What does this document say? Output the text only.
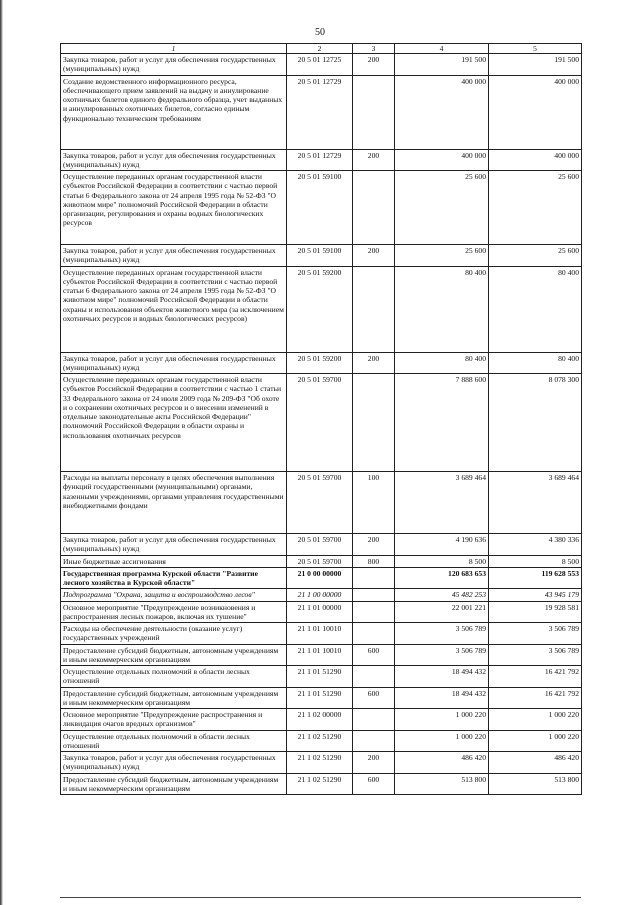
50
1	2	3	4	5
Закупка товаров, работ и услуг для обеспечения государственных (муниципальных) нужд	20 5 01 12725	200	191 500	191 500
Создание ведомственного информационного ресурса, обеспечивающего прием заявлений на выдачу и аннулирование охотничьих билетов единого федерального образца, учет выданных и аннулированных охотничьих билетов, согласно единым функционально техническим требованиям	20 5 01 12729		400 000	400 000
Закупка товаров, работ и услуг для обеспечения государственных (муниципальных) нужд	20 5 01 12729	200	400 000	400 000
Осуществление переданных органам государственной власти субъектов Российской Федерации в соответствии с частью первой статьи 6 Федерального закона от 24 апреля 1995 года № 52-ФЗ "О животном мире" полномочий Российской Федерации в области организации, регулирования и охраны водных биологических ресурсов	20 5 01 59100		25 600	25 600
Закупка товаров, работ и услуг для обеспечения государственных (муниципальных) нужд	20 5 01 59100	200	25 600	25 600
Осуществление переданных органам государственной власти субъектов Российской Федерации в соответствии с частью первой статьи 6 Федерального закона от 24 апреля 1995 года № 52-ФЗ "О животном мире" полномочий Российской Федерации в области охраны и использования объектов животного мира (за исключением охотничьих ресурсов и водных биологических ресурсов)	20 5 01 59200		80 400	80 400
Закупка товаров, работ и услуг для обеспечения государственных (муниципальных) нужд	20 5 01 59200	200	80 400	80 400
Осуществление переданных органам государственной власти субъектов Российской Федерации в соответствии с частью 1 статьи 33 Федерального закона от 24 июля 2009 года № 209-ФЗ "Об охоте и о сохранении охотничьих ресурсов и о внесении изменений в отдельные законодательные акты Российской Федерации" полномочий Российской Федерации в области охраны и использования охотничьих ресурсов	20 5 01 59700		7 888 600	8 078 300
Расходы на выплаты персоналу в целях обеспечения выполнения функций государственными (муниципальными) органами, казенными учреждениями, органами управления государственными внебюджетными фондами	20 5 01 59700	100	3 689 464	3 689 464
Закупка товаров, работ и услуг для обеспечения государственных (муниципальных) нужд	20 5 01 59700	200	4 190 636	4 380 336
Иные бюджетные ассигнования	20 5 01 59700	800	8 500	8 500
Государственная программа Курской области "Развитие лесного хозяйства в Курской области"	21 0 00 00000		120 683 653	119 628 553
Подпрограмма "Охрана, защита и воспроизводство лесов"	21 1 00 00000		45 482 253	43 945 179
Основное мероприятие "Предупреждение возникновения и распространения лесных пожаров, включая их тушение"	21 1 01 00000		22 001 221	19 928 581
Расходы на обеспечение деятельности (оказание услуг) государственных учреждений	21 1 01 10010		3 506 789	3 506 789
Предоставление субсидий бюджетным, автономным учреждениям и иным некоммерческим организациям	21 1 01 10010	600	3 506 789	3 506 789
Осуществление отдельных полномочий в области лесных отношений	21 1 01 51290		18 494 432	16 421 792
Предоставление субсидий бюджетным, автономным учреждениям и иным некоммерческим организациям	21 1 01 51290	600	18 494 432	16 421 792
Основное мероприятие "Предупреждение распространения и ликвидация очагов вредных организмов"	21 1 02 00000		1 000 220	1 000 220
Осуществление отдельных полномочий в области лесных отношений	21 1 02 51290		1 000 220	1 000 220
Закупка товаров, работ и услуг для обеспечения государственных (муниципальных) нужд	21 1 02 51290	200	486 420	486 420
Предоставление субсидий бюджетным, автономным учреждениям и иным некоммерческим организациям	21 1 02 51290	600	513 800	513 800
